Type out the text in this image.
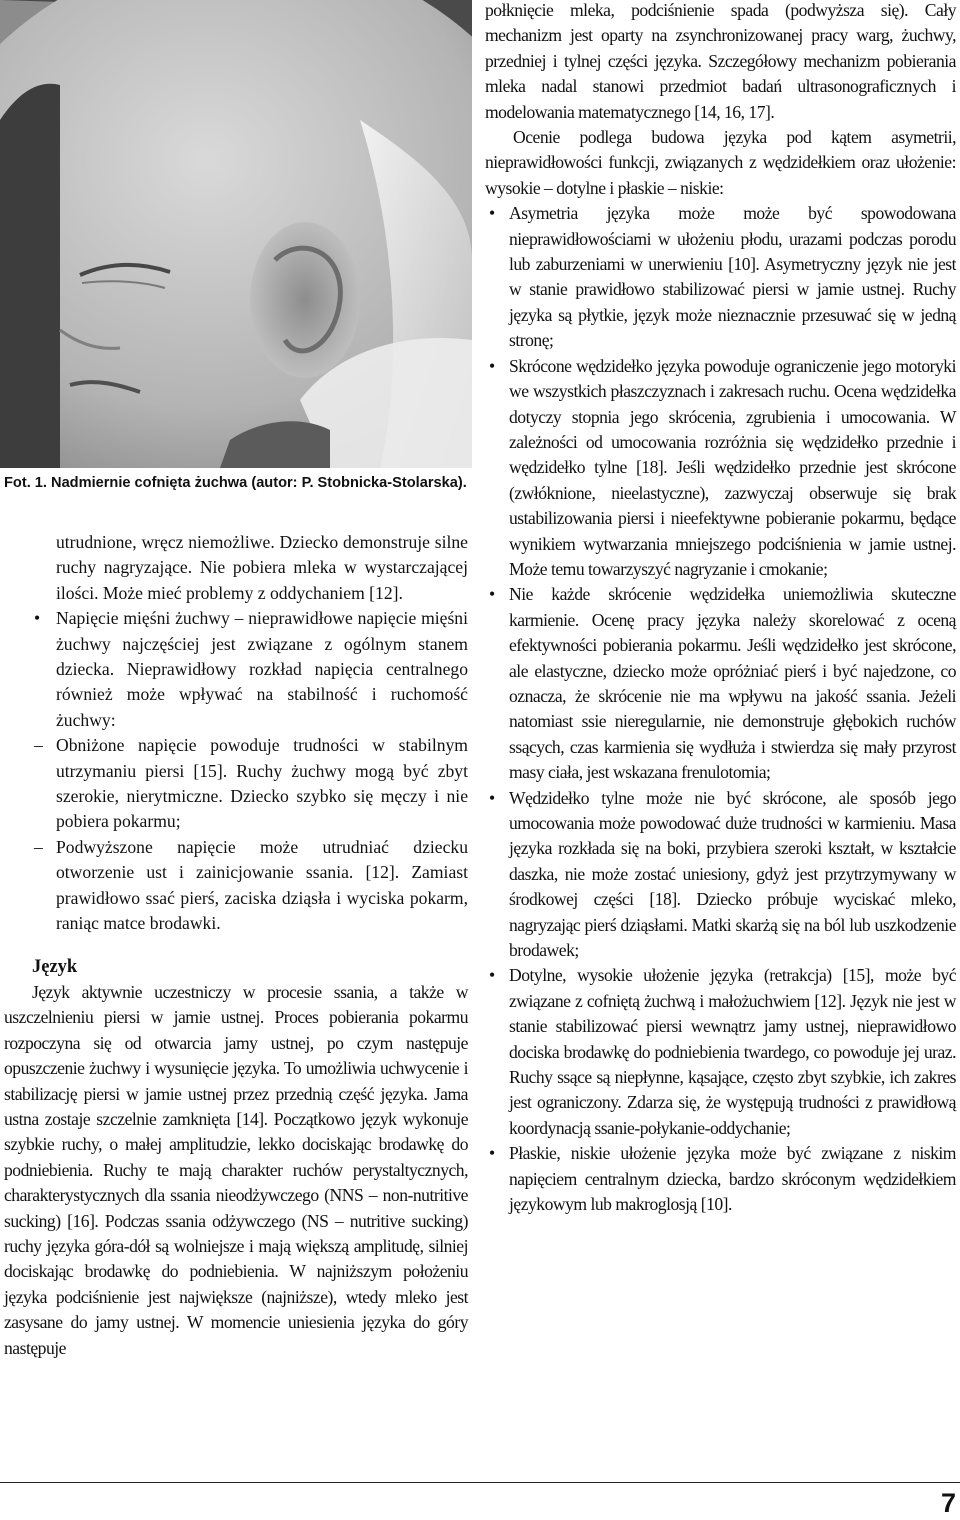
Fot. 1. Nadmiernie cofnięta żuchwa (autor: P. Stobnicka-Stolarska).

utrudnione, wręcz niemożliwe. Dziecko demonstruje silne ruchy nagryzające. Nie pobiera mleka w wystarczającej ilości. Może mieć problemy z oddychaniem [12].

• Napięcie mięśni żuchwy – nieprawidłowe napięcie mięśni żuchwy najczęściej jest związane z ogólnym stanem dziecka. Nieprawidłowy rozkład napięcia centralnego również może wpływać na stabilność i ruchomość żuchwy:
– Obniżone napięcie powoduje trudności w stabilnym utrzymaniu piersi [15]. Ruchy żuchwy mogą być zbyt szerokie, nierytmiczne. Dziecko szybko się męczy i nie pobiera pokarmu;
– Podwyższone napięcie może utrudniać dziecku otworzenie ust i zainicjowanie ssania. [12]. Zamiast prawidłowo ssać pierś, zaciska dziąsła i wyciska pokarm, raniąc matce brodawki.

Język

Język aktywnie uczestniczy w procesie ssania, a także w uszczelnieniu piersi w jamie ustnej. Proces pobierania pokarmu rozpoczyna się od otwarcia jamy ustnej, po czym następuje opuszczenie żuchwy i wysunięcie języka. To umożliwia uchwycenie i stabilizację piersi w jamie ustnej przez przednią część języka. Jama ustna zostaje szczelnie zamknięta [14]. Początkowo język wykonuje szybkie ruchy, o małej amplitudzie, lekko dociskając brodawkę do podniebienia. Ruchy te mają charakter ruchów perystaltycznych, charakterystycznych dla ssania nieodżywczego (NNS – non-nutritive sucking) [16]. Podczas ssania odżywczego (NS – nutritive sucking) ruchy języka góra-dół są wolniejsze i mają większą amplitudę, silniej dociskając brodawkę do podniebienia. W najniższym położeniu języka podciśnienie jest największe (najniższe), wtedy mleko jest zasysane do jamy ustnej. W momencie uniesienia języka do góry następuje

połknięcie mleka, podciśnienie spada (podwyższa się). Cały mechanizm jest oparty na zsynchronizowanej pracy warg, żuchwy, przedniej i tylnej części języka. Szczegółowy mechanizm pobierania mleka nadal stanowi przedmiot badań ultrasonograficznych i modelowania matematycznego [14, 16, 17].

Ocenie podlega budowa języka pod kątem asymetrii, nieprawidłowości funkcji, związanych z wędzidełkiem oraz ułożenie: wysokie – dotylne i płaskie – niskie:

• Asymetria języka może może być spowodowana nieprawidłowościami w ułożeniu płodu, urazami podczas porodu lub zaburzeniami w unerwieniu [10]. Asymetryczny język nie jest w stanie prawidłowo stabilizować piersi w jamie ustnej. Ruchy języka są płytkie, język może nieznacznie przesuwać się w jedną stronę;
• Skrócone wędzidełko języka powoduje ograniczenie jego motoryki we wszystkich płaszczyznach i zakresach ruchu. Ocena wędzidełka dotyczy stopnia jego skrócenia, zgrubienia i umocowania. W zależności od umocowania rozróżnia się wędzidełko przednie i wędzidełko tylne [18]. Jeśli wędzidełko przednie jest skrócone (zwłóknione, nieelastyczne), zazwyczaj obserwuje się brak ustabilizowania piersi i nieefektywne pobieranie pokarmu, będące wynikiem wytwarzania mniejszego podciśnienia w jamie ustnej. Może temu towarzyszyć nagryzanie i cmokanie;
• Nie każde skrócenie wędzidełka uniemożliwia skuteczne karmienie. Ocenę pracy języka należy skorelować z oceną efektywności pobierania pokarmu. Jeśli wędzidełko jest skrócone, ale elastyczne, dziecko może opróżniać pierś i być najedzone, co oznacza, że skrócenie nie ma wpływu na jakość ssania. Jeżeli natomiast ssie nieregularnie, nie demonstruje głębokich ruchów ssących, czas karmienia się wydłuża i stwierdza się mały przyrost masy ciała, jest wskazana frenulotomia;
• Wędzidełko tylne może nie być skrócone, ale sposób jego umocowania może powodować duże trudności w karmieniu. Masa języka rozkłada się na boki, przybiera szeroki kształt, w kształcie daszka, nie może zostać uniesiony, gdyż jest przytrzymywany w środkowej części [18]. Dziecko próbuje wyciskać mleko, nagryzając pierś dziąsłami. Matki skarżą się na ból lub uszkodzenie brodawek;
• Dotylne, wysokie ułożenie języka (retrakcja) [15], może być związane z cofniętą żuchwą i małożuchwiem [12]. Język nie jest w stanie stabilizować piersi wewnątrz jamy ustnej, nieprawidłowo dociska brodawkę do podniebienia twardego, co powoduje jej uraz. Ruchy ssące są niepłynne, kąsające, często zbyt szybkie, ich zakres jest ograniczony. Zdarza się, że występują trudności z prawidłową koordynacją ssanie-połykanie-oddychanie;
• Płaskie, niskie ułożenie języka może być związane z niskim napięciem centralnym dziecka, bardzo skróconym wędzidełkiem językowym lub makroglosją [10].
7
